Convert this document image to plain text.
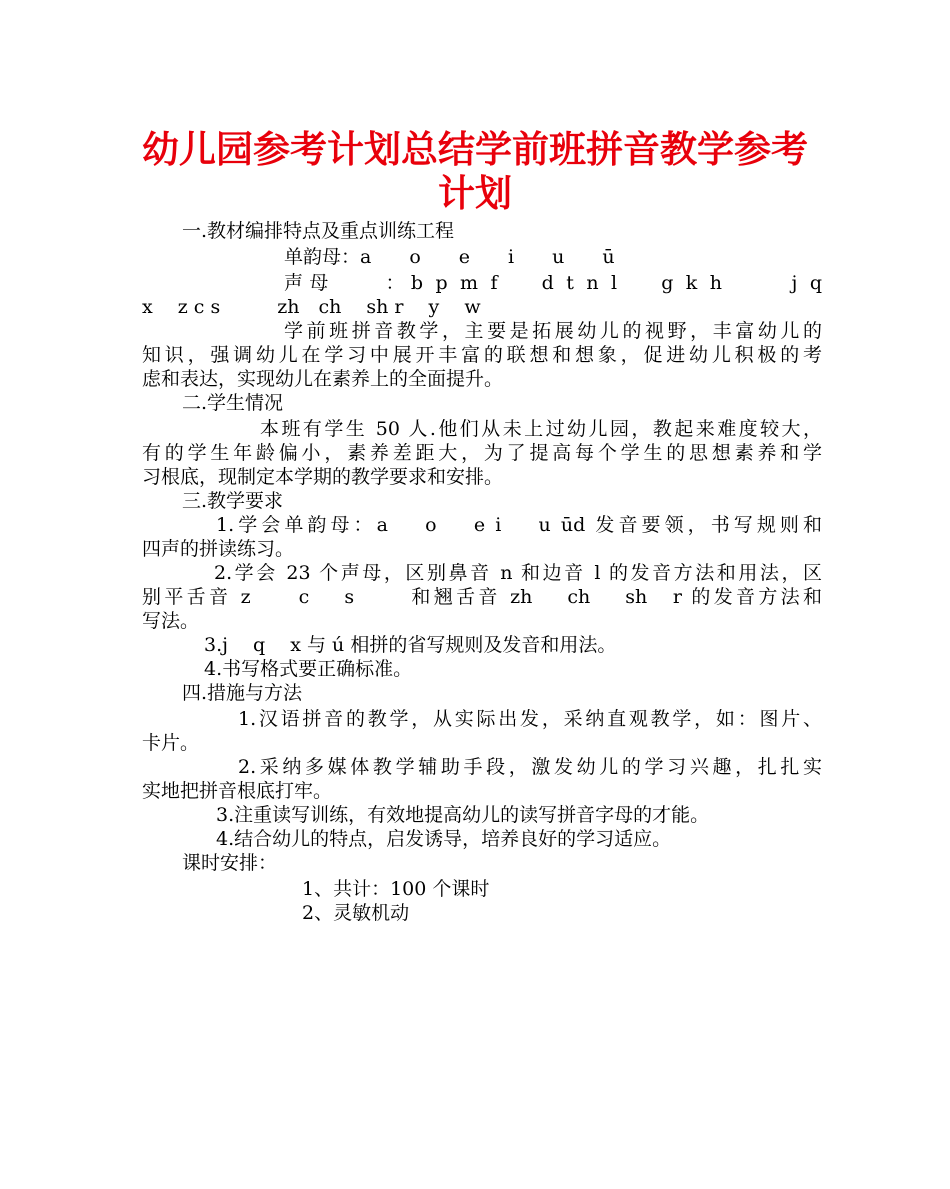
幼儿园参考计划总结学前班拼音教学参考
计划
一.教材编排特点及重点训练工程
单韵母：a　　o　　e　　i　　u　　ū
声母　　：b p m f　 d t n l　 g k h　　 j q
x　 z c s　　　zh　ch　 sh r　 y　 w
学前班拼音教学，主要是拓展幼儿的视野，丰富幼儿的
知识，强调幼儿在学习中展开丰富的联想和想象，促进幼儿积极的考
虑和表达，实现幼儿在素养上的全面提升。
二.学生情况
本班有学生 50 人.他们从未上过幼儿园，教起来难度较大，
有的学生年龄偏小，素养差距大，为了提高每个学生的思想素养和学
习根底，现制定本学期的教学要求和安排。
三.教学要求
1.学会单韵母：a　 o　 e i　 u ūd 发音要领，书写规则和
四声的拼读练习。
2.学会 23 个声母，区别鼻音 n 和边音 l 的发音方法和用法，区
别平舌音 z　　c　 s　　 和翘舌音 zh　 ch　 sh　r 的发音方法和
写法。
3.j　 q　 x 与 ú 相拼的省写规则及发音和用法。
4.书写格式要正确标准。
四.措施与方法
1.汉语拼音的教学，从实际出发，采纳直观教学，如：图片、
卡片。
2.采纳多媒体教学辅助手段，激发幼儿的学习兴趣，扎扎实
实地把拼音根底打牢。
3.注重读写训练，有效地提高幼儿的读写拼音字母的才能。
4.结合幼儿的特点，启发诱导，培养良好的学习适应。
课时安排：
1、共计：100 个课时
2、灵敏机动
